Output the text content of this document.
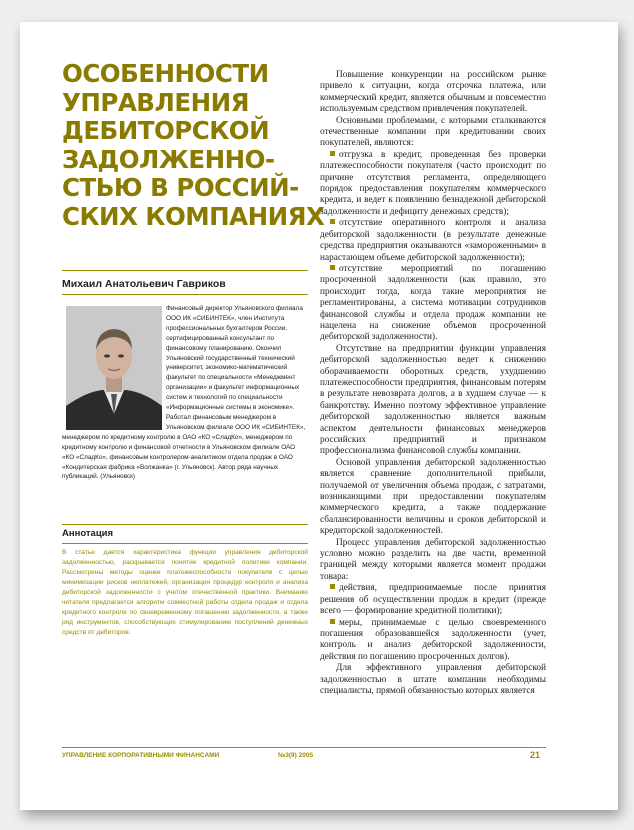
ОСОБЕННОСТИ
УПРАВЛЕНИЯ
ДЕБИТОРСКОЙ
ЗАДОЛЖЕННО-
СТЬЮ В РОССИЙ-
СКИХ КОМПАНИЯХ
Михаил Анатольевич Гавриков
Финансовый директор Ульяновского филиала ООО ИК «СИБИНТЕК», член Института профессиональных бухгалтеров России, сертифицированный консультант по финансовому планированию. Окончил Ульяновский государственный технический университет, экономико-математический факультет по специальности «Менеджмент организации» и факультет информационных систем и технологий по специальности «Информационные системы в экономике». Работал финансовым менеджером в Ульяновском филиале ООО ИК «СИБИНТЕК», менеджером по кредитному контролю в ОАО «КО «СладКо», менеджером по кредитному контролю и финансовой отчетности в Ульяновском филиале ОАО «КО «СладКо», финансовым контролером-аналитиком отдела продаж в ОАО «Кондитерская фабрика «Волжанка» (г. Ульяновск). Автор ряда научных публикаций. (Ульяновск)
Аннотация
В статье дается характеристика функции управления дебиторской задолженностью, раскрывается понятие кредитной политики компании. Рассмотрены методы оценки платежеспособности покупателя с целью минимизации рисков неплатежей, организация процедур контроля и анализа дебиторской задолженности с учетом отечественной практики. Вниманию читателя предлагается алгоритм совместной работы отдела продаж и отдела кредитного контроля по своевременному погашению задолженности, а также ряд инструментов, способствующих стимулированию поступлений денежных средств от дебиторов.

Повышение конкуренции на российском рынке привело к ситуации, когда отсрочка платежа, или коммерческий кредит, является обычным и повсеместно используемым средством привлечения покупателей.

Основными проблемами, с которыми сталкиваются отечественные компании при кредитовании своих покупателей, являются:

отгрузка в кредит, проведенная без проверки платежеспособности покупателя (часто происходит по причине отсутствия регламента, определяющего порядок предоставления покупателям коммерческого кредита, и ведет к появлению безнадежной дебиторской задолженности и дефициту денежных средств);

отсутствие оперативного контроля и анализа дебиторской задолженности (в результате денежные средства предприятия оказываются «замороженными» в нарастающем объеме дебиторской задолженности);

отсутствие мероприятий по погашению просроченной задолженности (как правило, это происходит тогда, когда такие мероприятия не регламентированы, а система мотивации сотрудников финансовой службы и отдела продаж компании не нацелена на снижение объемов просроченной дебиторской задолженности).

Отсутствие на предприятии функции управления дебиторской задолженностью ведет к снижению оборачиваемости оборотных средств, ухудшению платежеспособности предприятия, финансовым потерям в результате невозврата долгов, а в худшем случае — к банкротству. Именно поэтому эффективное управление дебиторской задолженностью является важным аспектом деятельности финансовых менеджеров российских предприятий и признаком профессионализма финансовой службы компании.

Основой управления дебиторской задолженностью является сравнение дополнительной прибыли, получаемой от увеличения объема продаж, с затратами, возникающими при предоставлении покупателям коммерческого кредита, а также поддержание сбалансированности величины и сроков дебиторской и кредиторской задолженностей.

Процесс управления дебиторской задолженностью условно можно разделить на две части, временной границей между которыми является момент продажи товара:

действия, предпринимаемые после принятия решения об осуществлении продаж в кредит (прежде всего — формирование кредитной политики);

меры, принимаемые с целью своевременного погашения образовавшейся задолженности (учет, контроль и анализ дебиторской задолженности, действия по погашению просроченных долгов).

Для эффективного управления дебиторской задолженностью в штате компании необходимы специалисты, прямой обязанностью которых является

УПРАВЛЕНИЕ КОРПОРАТИВНЫМИ ФИНАНСАМИ	№3(9) 2005	21
